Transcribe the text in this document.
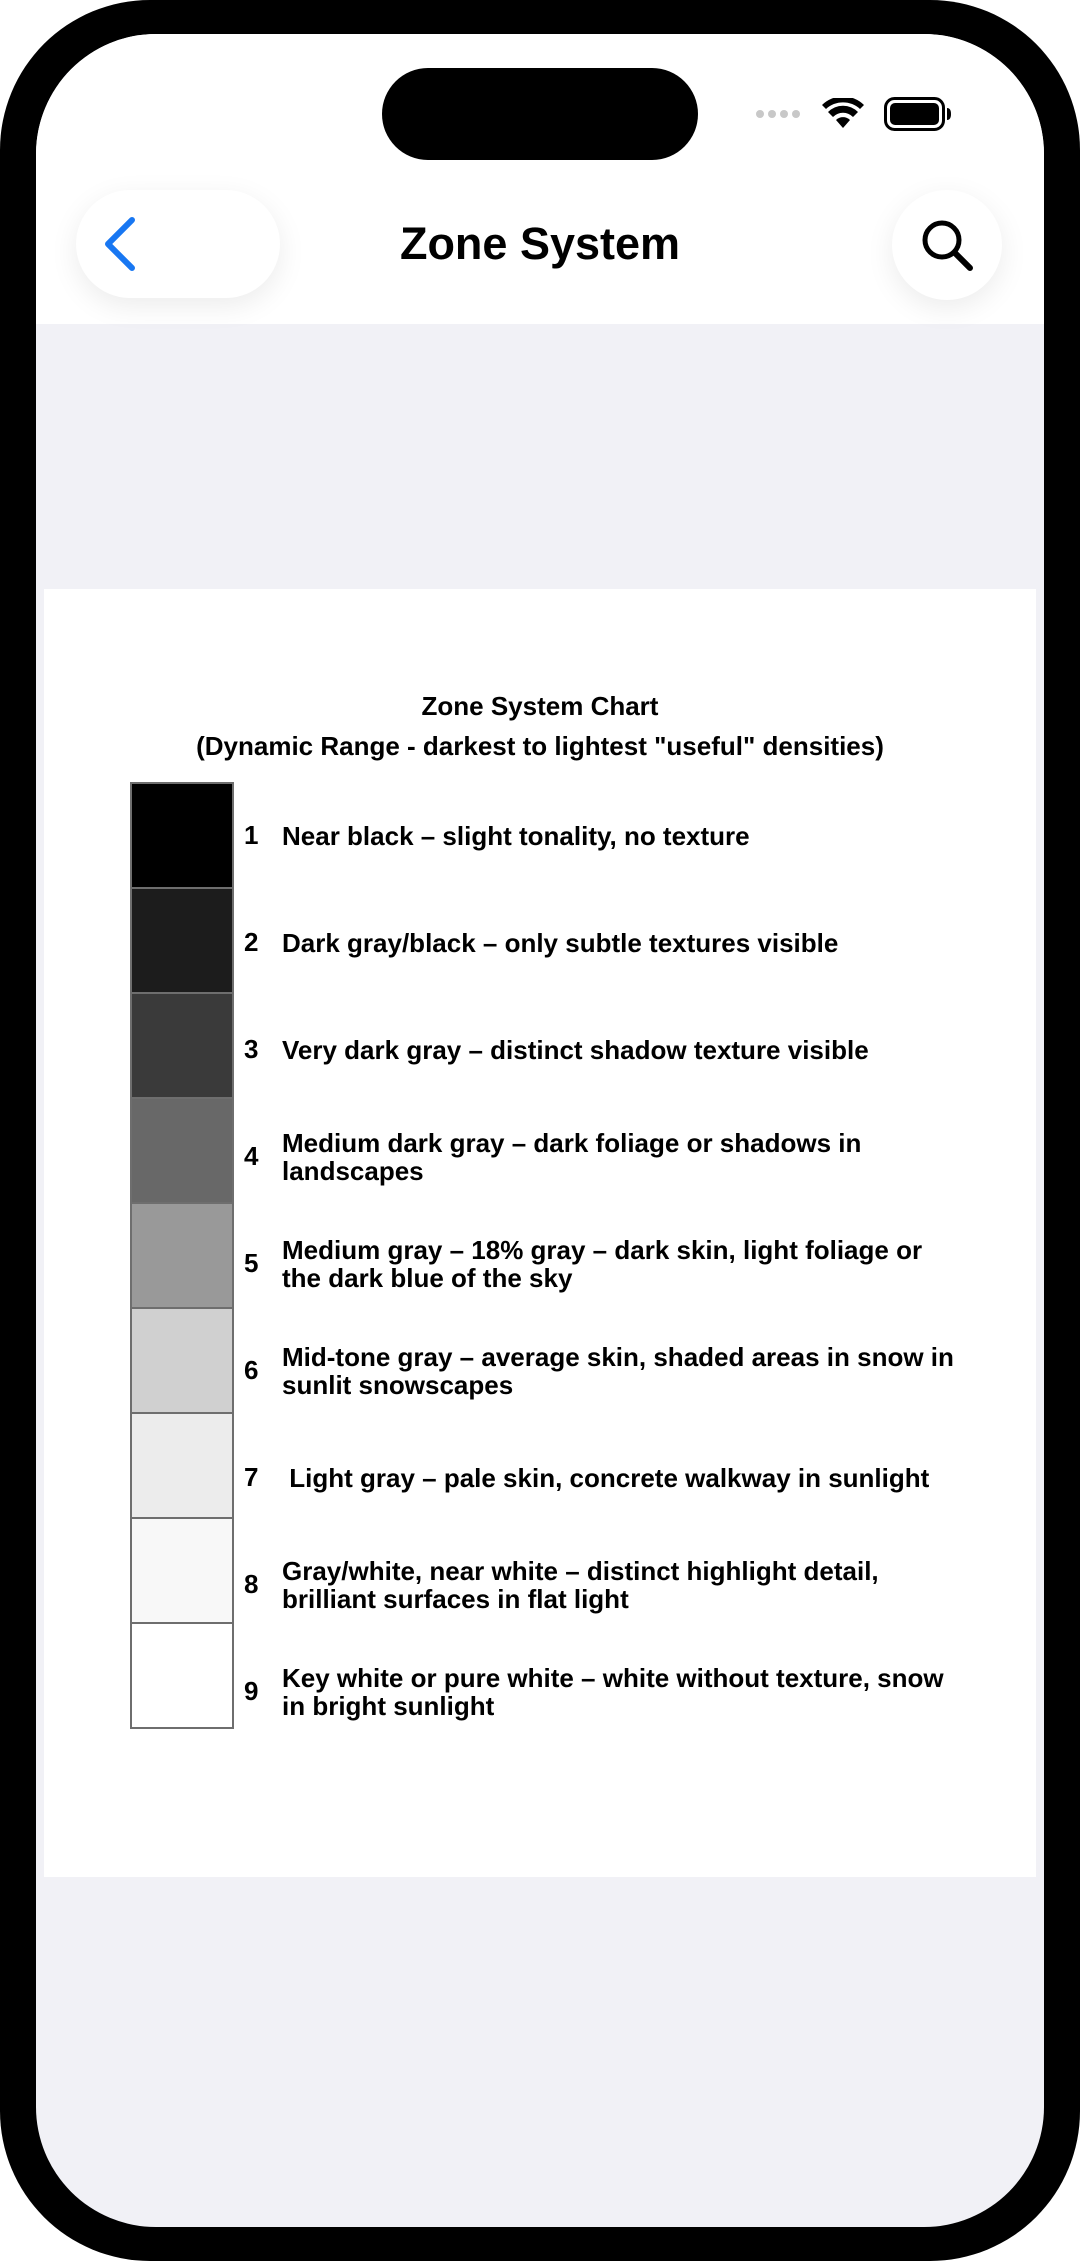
Zone System
Zone System Chart
(Dynamic Range - darkest to lightest "useful" densities)
1 Near black – slight tonality, no texture
2 Dark gray/black – only subtle textures visible
3 Very dark gray – distinct shadow texture visible
4 Medium dark gray – dark foliage or shadows in landscapes
5 Medium gray – 18% gray – dark skin, light foliage or the dark blue of the sky
6 Mid-tone gray – average skin, shaded areas in snow in sunlit snowscapes
7 Light gray – pale skin, concrete walkway in sunlight
8 Gray/white, near white – distinct highlight detail, brilliant surfaces in flat light
9 Key white or pure white – white without texture, snow in bright sunlight
